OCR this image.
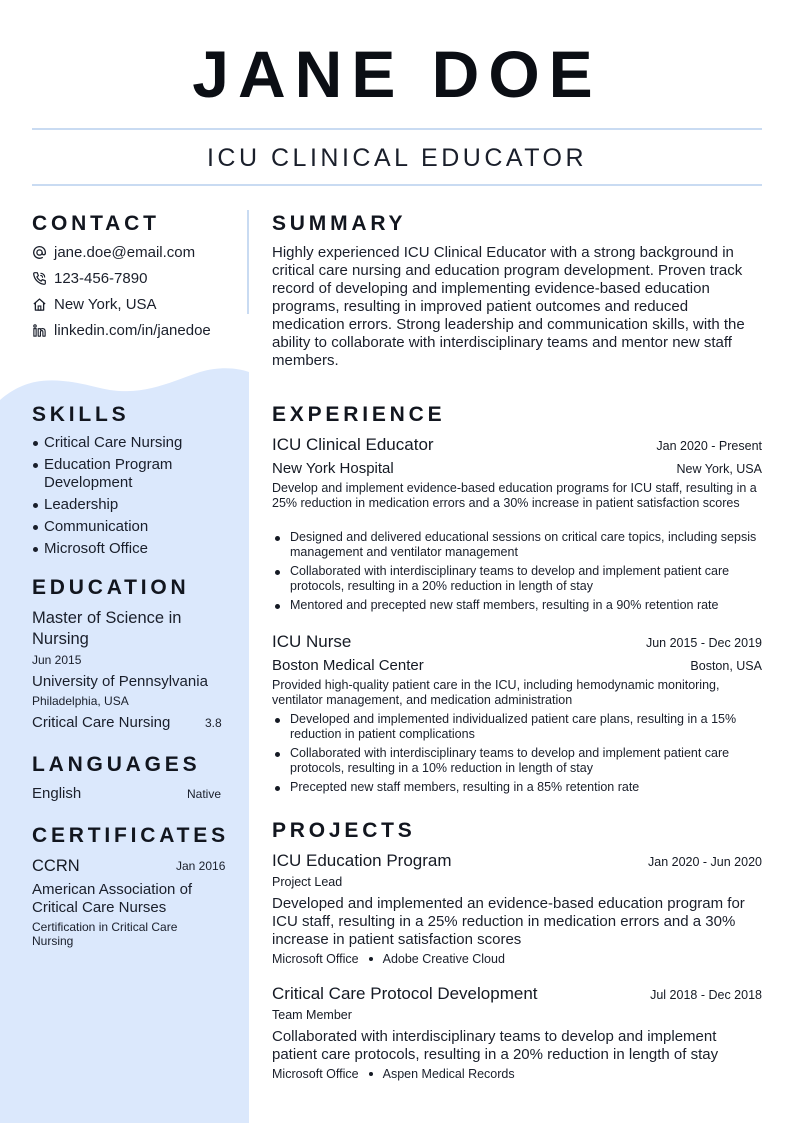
JANE DOE
ICU CLINICAL EDUCATOR
CONTACT
jane.doe@email.com
123-456-7890
New York, USA
linkedin.com/in/janedoe
SKILLS
Critical Care Nursing
Education Program Development
Leadership
Communication
Microsoft Office
EDUCATION
Master of Science in Nursing
Jun 2015
University of Pennsylvania
Philadelphia, USA
Critical Care Nursing	3.8
LANGUAGES
English	Native
CERTIFICATES
CCRN	Jan 2016
American Association of Critical Care Nurses
Certification in Critical Care Nursing
SUMMARY
Highly experienced ICU Clinical Educator with a strong background in critical care nursing and education program development. Proven track record of developing and implementing evidence-based education programs, resulting in improved patient outcomes and reduced medication errors. Strong leadership and communication skills, with the ability to collaborate with interdisciplinary teams and mentor new staff members.
EXPERIENCE
ICU Clinical Educator	Jan 2020 - Present
New York Hospital	New York, USA
Develop and implement evidence-based education programs for ICU staff, resulting in a 25% reduction in medication errors and a 30% increase in patient satisfaction scores
Designed and delivered educational sessions on critical care topics, including sepsis management and ventilator management
Collaborated with interdisciplinary teams to develop and implement patient care protocols, resulting in a 20% reduction in length of stay
Mentored and precepted new staff members, resulting in a 90% retention rate
ICU Nurse	Jun 2015 - Dec 2019
Boston Medical Center	Boston, USA
Provided high-quality patient care in the ICU, including hemodynamic monitoring, ventilator management, and medication administration
Developed and implemented individualized patient care plans, resulting in a 15% reduction in patient complications
Collaborated with interdisciplinary teams to develop and implement patient care protocols, resulting in a 10% reduction in length of stay
Precepted new staff members, resulting in a 85% retention rate
PROJECTS
ICU Education Program	Jan 2020 - Jun 2020
Project Lead
Developed and implemented an evidence-based education program for ICU staff, resulting in a 25% reduction in medication errors and a 30% increase in patient satisfaction scores
Microsoft Office Adobe Creative Cloud
Critical Care Protocol Development	Jul 2018 - Dec 2018
Team Member
Collaborated with interdisciplinary teams to develop and implement patient care protocols, resulting in a 20% reduction in length of stay
Microsoft Office Aspen Medical Records
